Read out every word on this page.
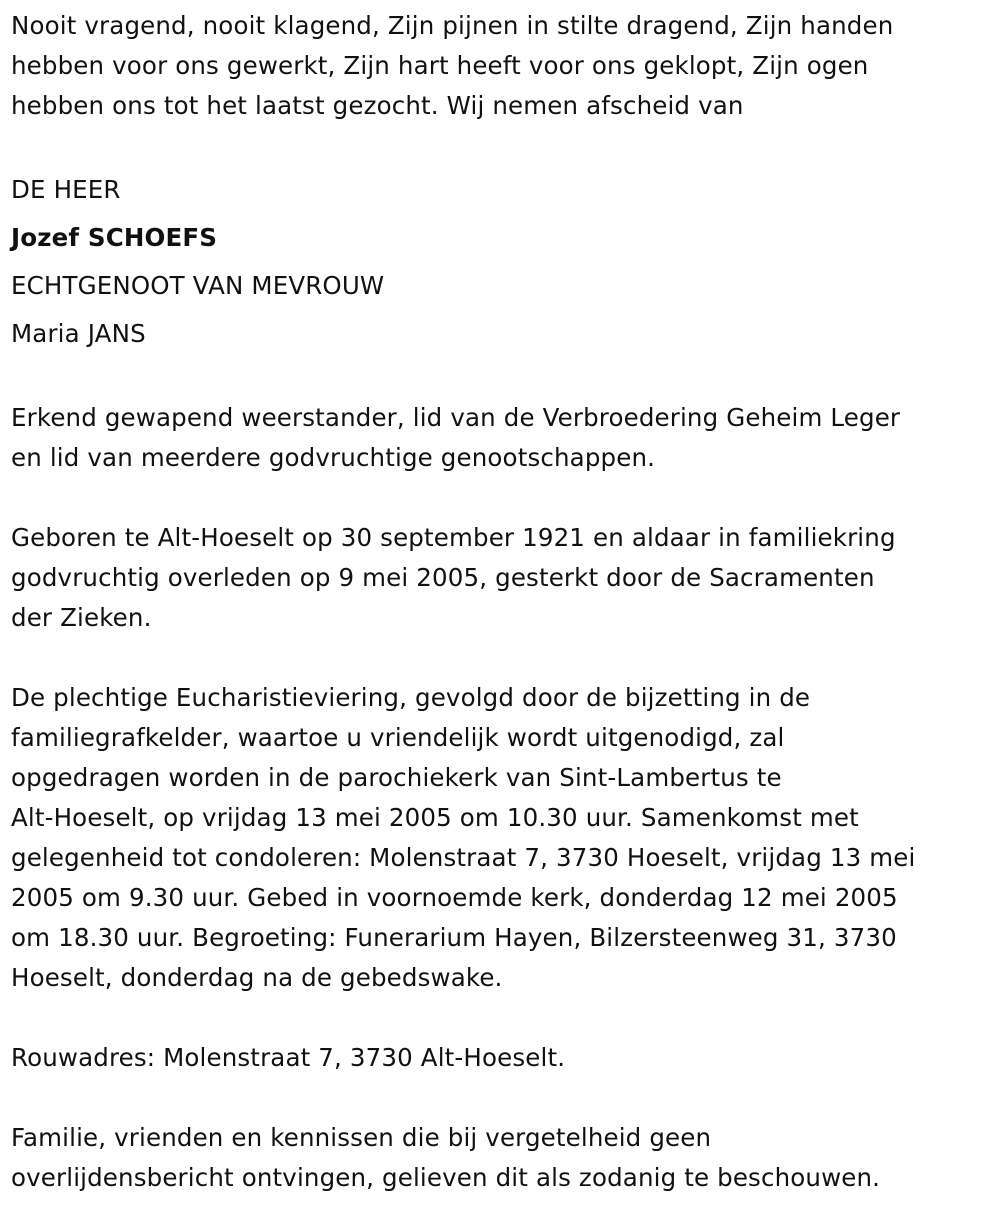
Nooit vragend, nooit klagend, Zijn pijnen in stilte dragend, Zijn handen

hebben voor ons gewerkt, Zijn hart heeft voor ons geklopt, Zijn ogen

hebben ons tot het laatst gezocht. Wij nemen afscheid van

DE HEER

Jozef SCHOEFS

ECHTGENOOT VAN MEVROUW

Maria JANS

Erkend gewapend weerstander, lid van de Verbroedering Geheim Leger

en lid van meerdere godvruchtige genootschappen.

Geboren te Alt-Hoeselt op 30 september 1921 en aldaar in familiekring

godvruchtig overleden op 9 mei 2005, gesterkt door de Sacramenten

der Zieken.

De plechtige Eucharistieviering, gevolgd door de bijzetting in de

familiegrafkelder, waartoe u vriendelijk wordt uitgenodigd, zal

opgedragen worden in de parochiekerk van Sint-Lambertus te

Alt-Hoeselt, op vrijdag 13 mei 2005 om 10.30 uur. Samenkomst met

gelegenheid tot condoleren: Molenstraat 7, 3730 Hoeselt, vrijdag 13 mei

2005 om 9.30 uur. Gebed in voornoemde kerk, donderdag 12 mei 2005

om 18.30 uur. Begroeting: Funerarium Hayen, Bilzersteenweg 31, 3730

Hoeselt, donderdag na de gebedswake.

Rouwadres: Molenstraat 7, 3730 Alt-Hoeselt.

Familie, vrienden en kennissen die bij vergetelheid geen

overlijdensbericht ontvingen, gelieven dit als zodanig te beschouwen.
